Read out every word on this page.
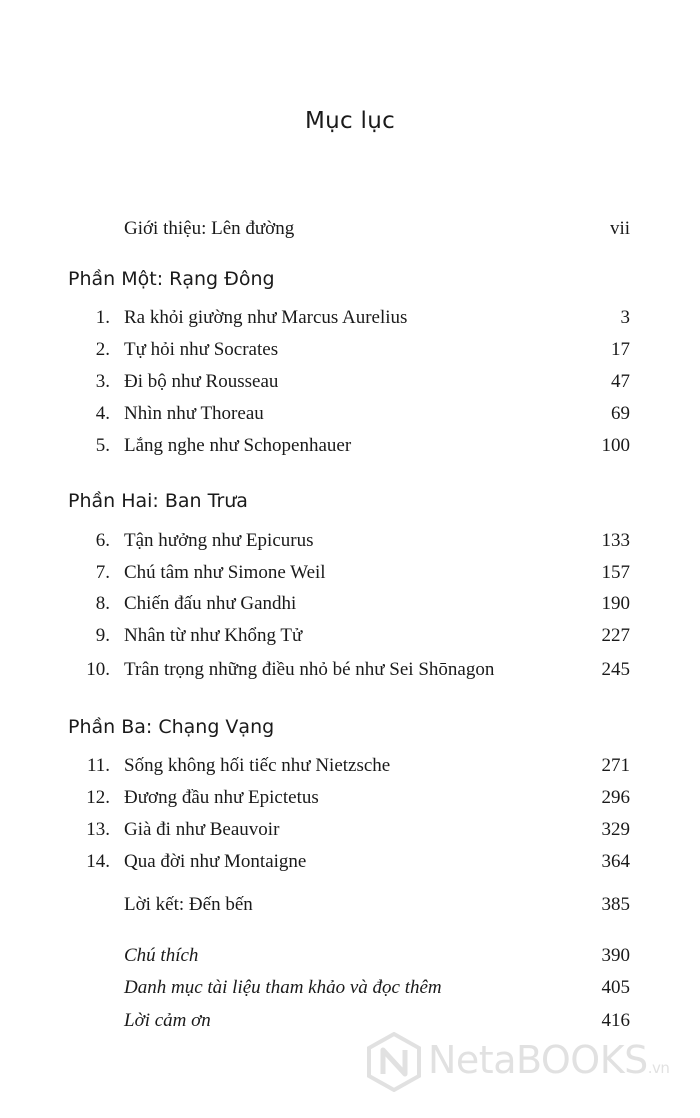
Mục lục
Giới thiệu: Lên đường	vii
Phần Một: Rạng Đông
1. Ra khỏi giường như Marcus Aurelius	3
2. Tự hỏi như Socrates	17
3. Đi bộ như Rousseau	47
4. Nhìn như Thoreau	69
5. Lắng nghe như Schopenhauer	100
Phần Hai: Ban Trưa
6. Tận hưởng như Epicurus	133
7. Chú tâm như Simone Weil	157
8. Chiến đấu như Gandhi	190
9. Nhân từ như Khổng Tử	227
10. Trân trọng những điều nhỏ bé như Sei Shōnagon	245
Phần Ba: Chạng Vạng
11. Sống không hối tiếc như Nietzsche	271
12. Đương đầu như Epictetus	296
13. Già đi như Beauvoir	329
14. Qua đời như Montaigne	364
Lời kết: Đến bến	385
Chú thích	390
Danh mục tài liệu tham khảo và đọc thêm	405
Lời cảm ơn	416
NetaBOOKS.vn
